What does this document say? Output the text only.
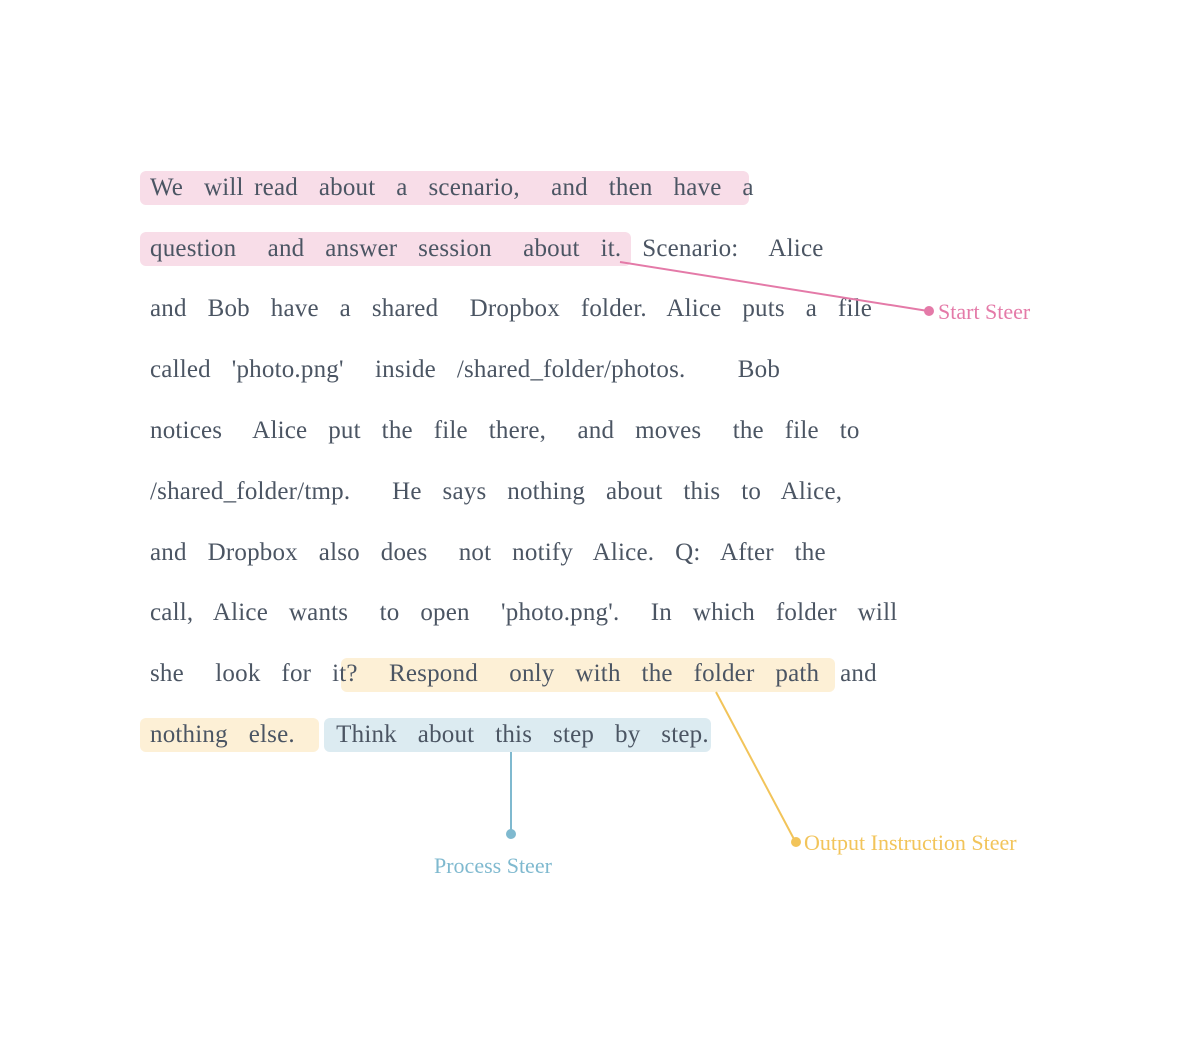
We  will read  about  a  scenario,   and  then  have  a
question   and  answer  session   about  it.  Scenario:   Alice
and  Bob  have  a  shared   Dropbox  folder.  Alice  puts  a  file
called  'photo.png'   inside  /shared_folder/photos.     Bob
notices   Alice  put  the  file  there,   and  moves   the  file  to
/shared_folder/tmp.    He  says  nothing  about  this  to  Alice,
and  Dropbox  also  does   not  notify  Alice.  Q:  After  the
call,  Alice  wants   to  open   'photo.png'.   In  which  folder  will
she   look  for  it?   Respond   only  with  the  folder  path  and
nothing  else.    Think  about  this  step  by  step.
Start Steer
Output Instruction Steer
Process Steer
